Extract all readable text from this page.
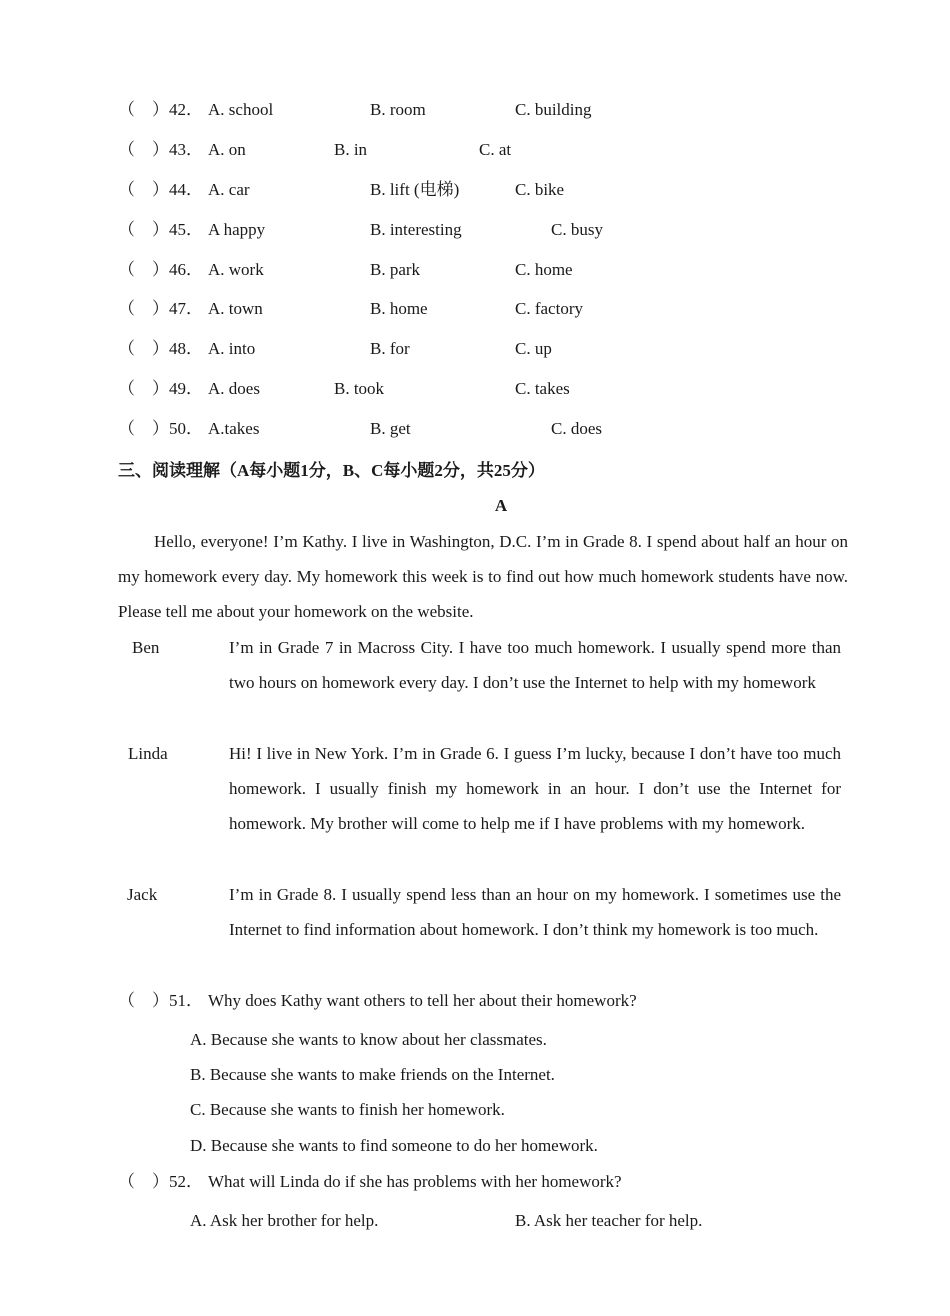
（　）42． A. school	B. room	C. building
（　）43． A. on	B. in	C. at
（　）44． A. car	B. lift (电梯)	C. bike
（　）45． A happy	B. interesting	C. busy
（　）46． A. work	B. park	C. home
（　）47． A. town	B. home	C. factory
（　）48． A. into	B. for	C. up
（　）49． A. does	B. took	C. takes
（　）50． A.takes	B. get	C. does
三、阅读理解（A每小题1分，B、C每小题2分，共25分）
A
Hello, everyone! I’m Kathy. I live in Washington, D.C. I’m in Grade 8. I spend about half an hour on my homework every day. My homework this week is to find out how much homework students have now. Please tell me about your homework on the website.
Ben	I’m in Grade 7 in Macross City. I have too much homework. I usually spend more than two hours on homework every day. I don’t use the Internet to help with my homework
Linda	Hi! I live in New York. I’m in Grade 6. I guess I’m lucky, because I don’t have too much homework. I usually finish my homework in an hour. I don’t use the Internet for homework. My brother will come to help me if I have problems with my homework.
Jack	I’m in Grade 8. I usually spend less than an hour on my homework. I sometimes use the Internet to find information about homework. I don’t think my homework is too much.
（　）51． Why does Kathy want others to tell her about their homework?
A. Because she wants to know about her classmates.
B. Because she wants to make friends on the Internet.
C. Because she wants to finish her homework.
D. Because she wants to find someone to do her homework.
（　）52． What will Linda do if she has problems with her homework?
A. Ask her brother for help.	B. Ask her teacher for help.
